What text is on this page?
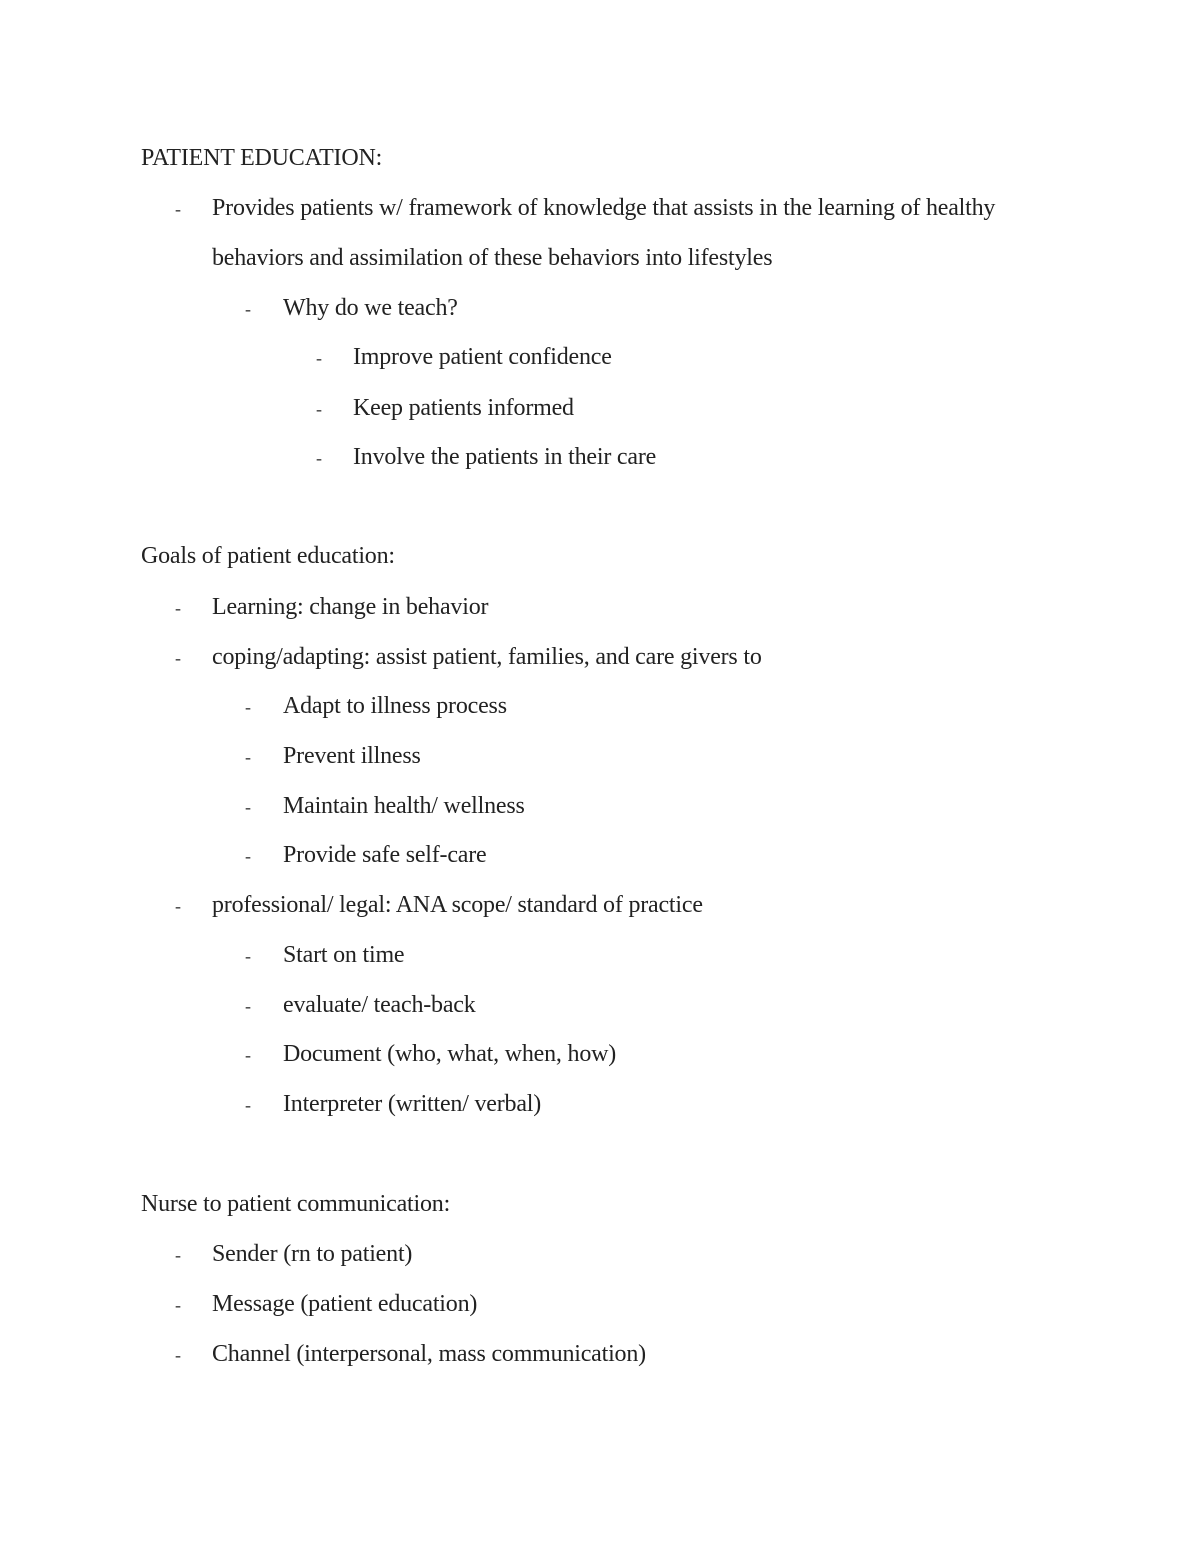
PATIENT EDUCATION:
- Provides patients w/ framework of knowledge that assists in the learning of healthy
behaviors and assimilation of these behaviors into lifestyles
- Why do we teach?
- Improve patient confidence
- Keep patients informed
- Involve the patients in their care
Goals of patient education:
- Learning: change in behavior
- coping/adapting: assist patient, families, and care givers to
- Adapt to illness process
- Prevent illness
- Maintain health/ wellness
- Provide safe self-care
- professional/ legal: ANA scope/ standard of practice
- Start on time
- evaluate/ teach-back
- Document (who, what, when, how)
- Interpreter (written/ verbal)
Nurse to patient communication:
- Sender (rn to patient)
- Message (patient education)
- Channel (interpersonal, mass communication)
